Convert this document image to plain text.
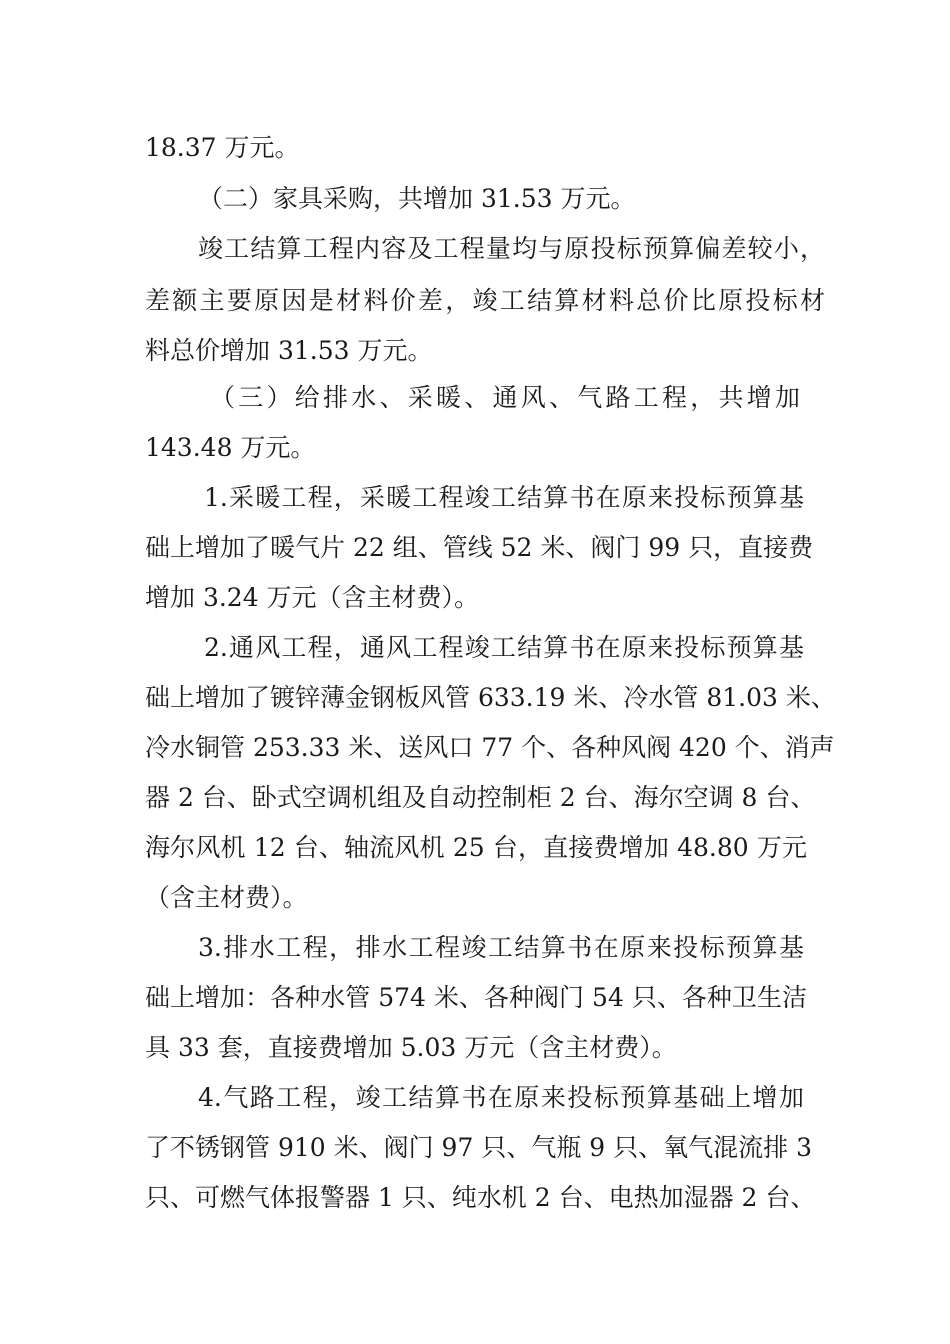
18.37 万元。
（二）家具采购，共增加 31.53 万元。
竣工结算工程内容及工程量均与原投标预算偏差较小，
差额主要原因是材料价差，竣工结算材料总价比原投标材
料总价增加 31.53 万元。
（三）给排水、采暖、通风、气路工程，共增加
143.48 万元。
1.采暖工程，采暖工程竣工结算书在原来投标预算基
础上增加了暖气片 22 组、管线 52 米、阀门 99 只，直接费
增加 3.24 万元（含主材费）。
2.通风工程，通风工程竣工结算书在原来投标预算基
础上增加了镀锌薄金钢板风管 633.19 米、冷水管 81.03 米、
冷水铜管 253.33 米、送风口 77 个、各种风阀 420 个、消声
器 2 台、卧式空调机组及自动控制柜 2 台、海尔空调 8 台、
海尔风机 12 台、轴流风机 25 台，直接费增加 48.80 万元
（含主材费）。
3.排水工程，排水工程竣工结算书在原来投标预算基
础上增加：各种水管 574 米、各种阀门 54 只、各种卫生洁
具 33 套，直接费增加 5.03 万元（含主材费）。
4.气路工程，竣工结算书在原来投标预算基础上增加
了不锈钢管 910 米、阀门 97 只、气瓶 9 只、氧气混流排 3
只、可燃气体报警器 1 只、纯水机 2 台、电热加湿器 2 台、
